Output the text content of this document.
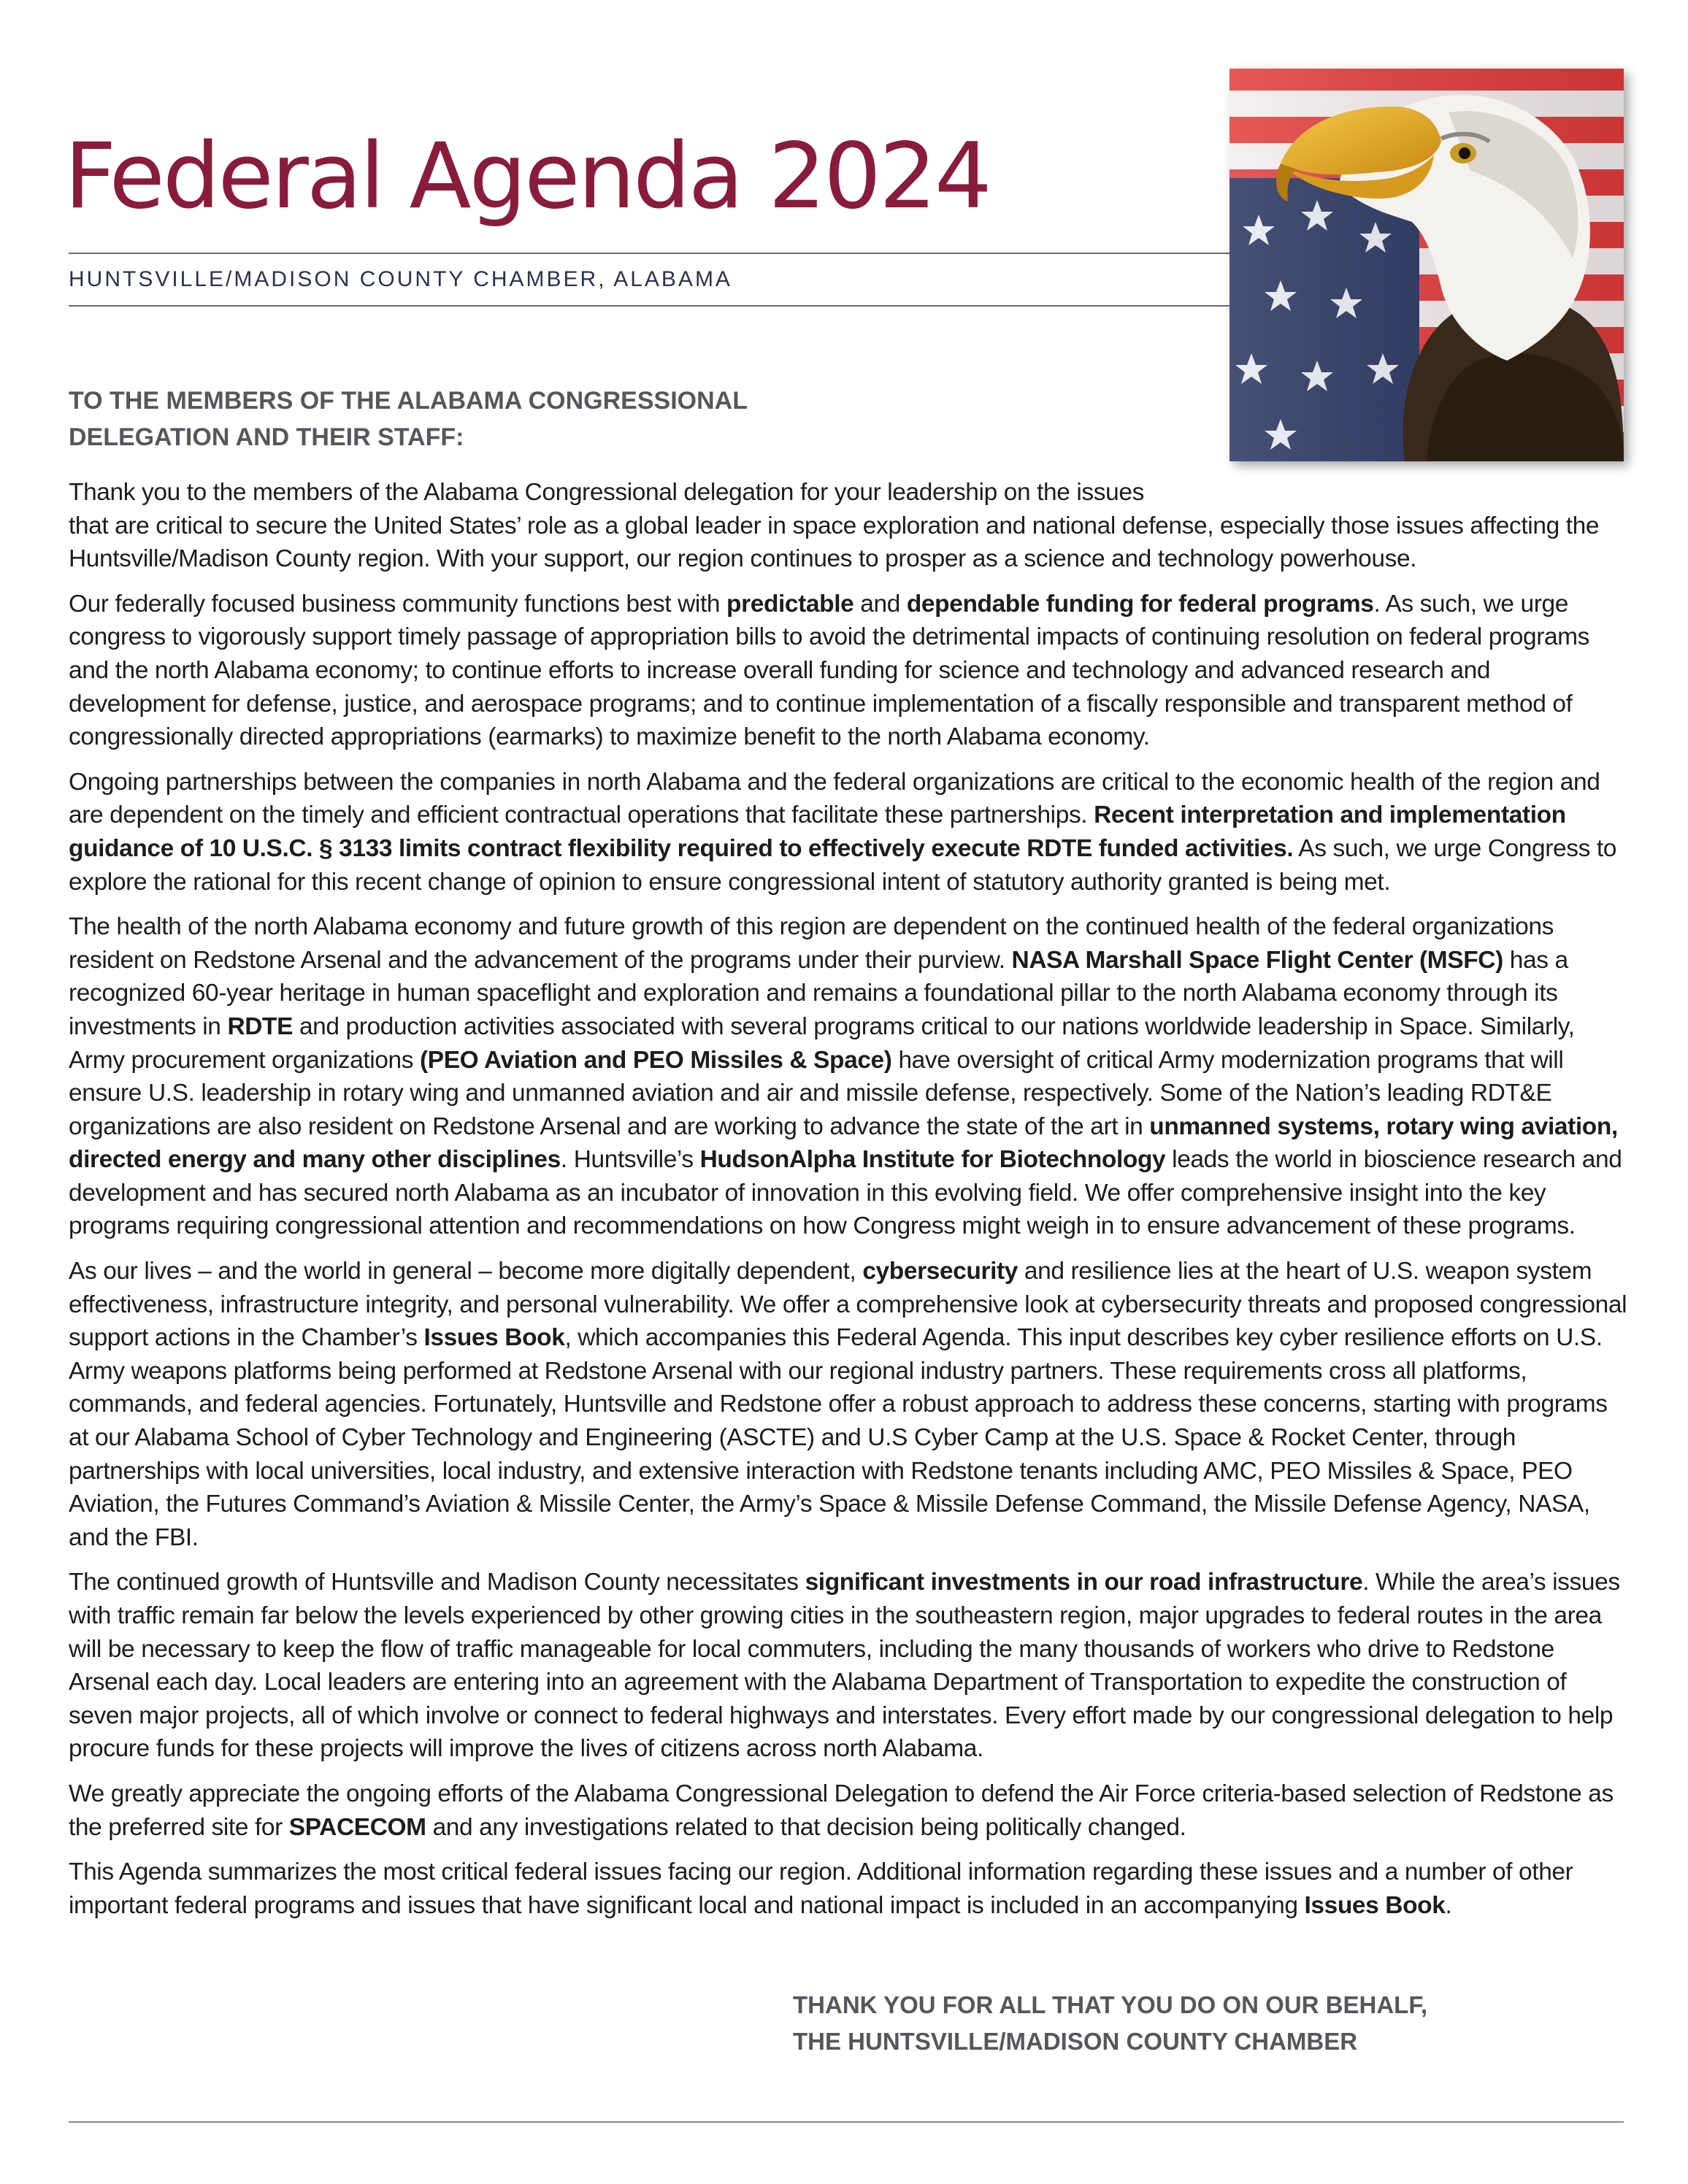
Federal Agenda 2024
HUNTSVILLE/MADISON COUNTY CHAMBER, ALABAMA
TO THE MEMBERS OF THE ALABAMA CONGRESSIONAL
DELEGATION AND THEIR STAFF:

Thank you to the members of the Alabama Congressional delegation for your leadership on the issues
that are critical to secure the United States’ role as a global leader in space exploration and national defense, especially those issues affecting the Huntsville/Madison County region. With your support, our region continues to prosper as a science and technology powerhouse.

Our federally focused business community functions best with predictable and dependable funding for federal programs. As such, we urge congress to vigorously support timely passage of appropriation bills to avoid the detrimental impacts of continuing resolution on federal programs and the north Alabama economy; to continue efforts to increase overall funding for science and technology and advanced research and development for defense, justice, and aerospace programs; and to continue implementation of a fiscally responsible and transparent method of congressionally directed appropriations (earmarks) to maximize benefit to the north Alabama economy.

Ongoing partnerships between the companies in north Alabama and the federal organizations are critical to the economic health of the region and are dependent on the timely and efficient contractual operations that facilitate these partnerships. Recent interpretation and implementation guidance of 10 U.S.C. § 3133 limits contract flexibility required to effectively execute RDTE funded activities. As such, we urge Congress to explore the rational for this recent change of opinion to ensure congressional intent of statutory authority granted is being met.

The health of the north Alabama economy and future growth of this region are dependent on the continued health of the federal organizations resident on Redstone Arsenal and the advancement of the programs under their purview. NASA Marshall Space Flight Center (MSFC) has a recognized 60-year heritage in human spaceflight and exploration and remains a foundational pillar to the north Alabama economy through its investments in RDTE and production activities associated with several programs critical to our nations worldwide leadership in Space. Similarly, Army procurement organizations (PEO Aviation and PEO Missiles & Space) have oversight of critical Army modernization programs that will ensure U.S. leadership in rotary wing and unmanned aviation and air and missile defense, respectively. Some of the Nation’s leading RDT&E organizations are also resident on Redstone Arsenal and are working to advance the state of the art in unmanned systems, rotary wing aviation, directed energy and many other disciplines. Huntsville’s HudsonAlpha Institute for Biotechnology leads the world in bioscience research and development and has secured north Alabama as an incubator of innovation in this evolving field. We offer comprehensive insight into the key programs requiring congressional attention and recommendations on how Congress might weigh in to ensure advancement of these programs.

As our lives – and the world in general – become more digitally dependent, cybersecurity and resilience lies at the heart of U.S. weapon system effectiveness, infrastructure integrity, and personal vulnerability. We offer a comprehensive look at cybersecurity threats and proposed congressional support actions in the Chamber’s Issues Book, which accompanies this Federal Agenda. This input describes key cyber resilience efforts on U.S. Army weapons platforms being performed at Redstone Arsenal with our regional industry partners. These requirements cross all platforms, commands, and federal agencies. Fortunately, Huntsville and Redstone offer a robust approach to address these concerns, starting with programs at our Alabama School of Cyber Technology and Engineering (ASCTE) and U.S Cyber Camp at the U.S. Space & Rocket Center, through partnerships with local universities, local industry, and extensive interaction with Redstone tenants including AMC, PEO Missiles & Space, PEO Aviation, the Futures Command’s Aviation & Missile Center, the Army’s Space & Missile Defense Command, the Missile Defense Agency, NASA, and the FBI.

The continued growth of Huntsville and Madison County necessitates significant investments in our road infrastructure. While the area’s issues with traffic remain far below the levels experienced by other growing cities in the southeastern region, major upgrades to federal routes in the area will be necessary to keep the flow of traffic manageable for local commuters, including the many thousands of workers who drive to Redstone Arsenal each day. Local leaders are entering into an agreement with the Alabama Department of Transportation to expedite the construction of seven major projects, all of which involve or connect to federal highways and interstates. Every effort made by our congressional delegation to help procure funds for these projects will improve the lives of citizens across north Alabama.

We greatly appreciate the ongoing efforts of the Alabama Congressional Delegation to defend the Air Force criteria-based selection of Redstone as the preferred site for SPACECOM and any investigations related to that decision being politically changed.

This Agenda summarizes the most critical federal issues facing our region. Additional information regarding these issues and a number of other important federal programs and issues that have significant local and national impact is included in an accompanying Issues Book.

THANK YOU FOR ALL THAT YOU DO ON OUR BEHALF,
THE HUNTSVILLE/MADISON COUNTY CHAMBER
